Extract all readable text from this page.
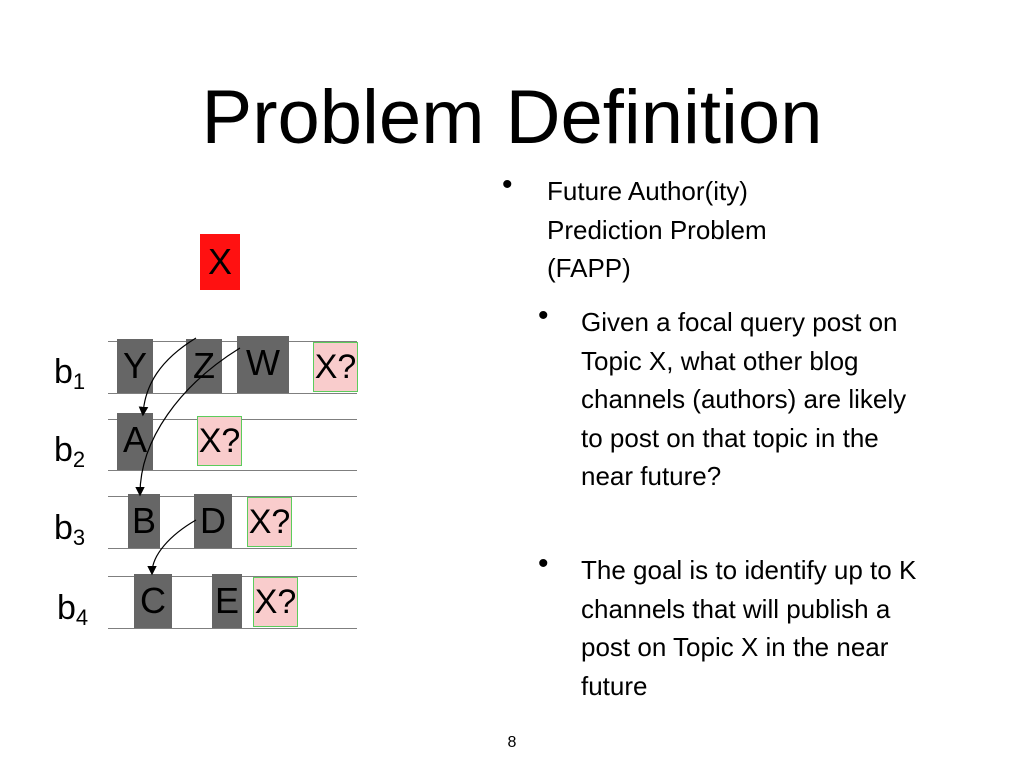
Problem Definition
X
$b_1$
$b_2$
$b_3$
$b_4$
Y Z W X?
A X?
B D X?
C E X?
• Future Author(ity) Prediction Problem (FAPP)
• Given a focal query post on Topic X, what other blog channels (authors) are likely to post on that topic in the near future?
• The goal is to identify up to K channels that will publish a post on Topic X in the near future
8
